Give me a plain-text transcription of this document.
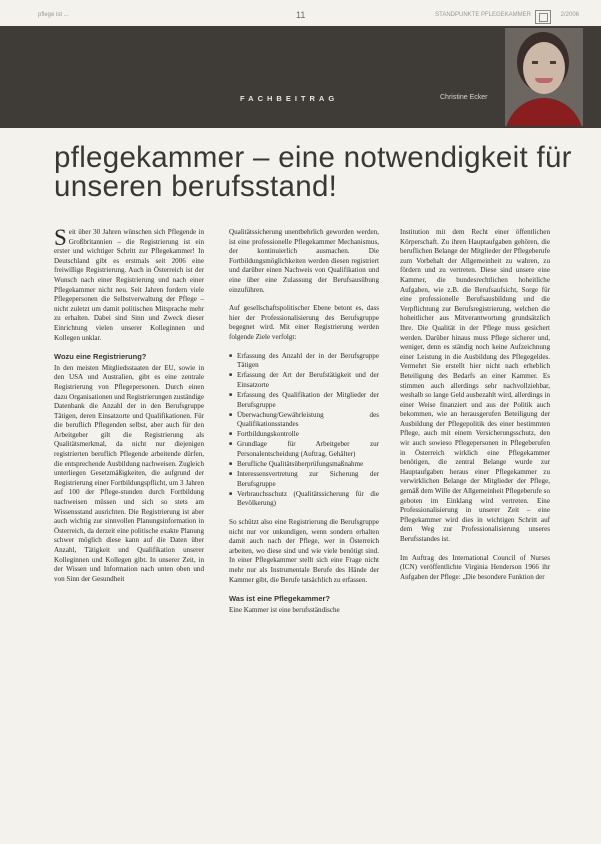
pflege ist ...	11	STANDPUNKTE PFLEGEKAMMER	2/2006
FACHBEITRAG	Christine Ecker
pflegekammer – eine notwendigkeit für unseren berufsstand!

Seit über 30 Jahren wünschen sich Pflegende in Großbritannien – die Registrierung ist ein erster und wichtiger Schritt zur Pflegekammer! In Deutschland gibt es erstmals seit 2006 eine freiwillige Registrierung. Auch in Österreich ist der Wunsch nach einer Registrierung und nach einer Pflegekammer nicht neu. Seit Jahren fordern viele Pflegepersonen die Selbstverwaltung der Pflege – nicht zuletzt um damit politischen Mitsprache mehr zu erhalten. Dabei sind Sinn und Zweck dieser Einrichtung vielen unserer Kolleginnen und Kollegen unklar.

Wozu eine Registrierung?

In den meisten Mitgliedsstaaten der EU, sowie in den USA und Australien, gibt es eine zentrale Registrierung von Pflegepersonen. Durch einen dazu Organisationen und Registrierungen zuständige Datenbank die Anzahl der in den Berufsgruppe Tätigen, deren Einsatzorte und Qualifikationen. Für die beruflich Pflegenden selbst, aber auch für den Arbeitgeber gilt die Registrierung als Qualitätsmerkmal, da nicht nur diejenigen registrierten beruflich Pflegende arbeitende dürfen, die entsprechende Ausbildung nachweisen. Zugleich unterliegen Gesetzmäßigkeiten, die aufgrund der Registrierung einer Fortbildungspflicht, um 3 Jahren auf 100 der Pflege-stunden durch Fortbildung nachweisen müssen und sich so stets am Wissensstand ausrichten. Die Registrierung ist aber auch wichtig zur sinnvollen Planungsinformation in Österreich, da derzeit eine politische exakte Planung schwer möglich diese kann auf die Daten über Anzahl, Tätigkeit und Qualifikation unserer Kolleginnen und Kollegen gibt. In unserer Zeit, in der Wissen und Information nach unten oben und von Sinn der Gesundheit

Qualitätssicherung unentbehrlich geworden werden, ist eine professionelle Pflegekammer Mechanismus, der kontinuierlich ausmachen. Die Fortbildungsmöglichkeiten werden diesen registriert und darüber einen Nachweis von Qualifikation und eine über eine Zulassung der Berufsausübung einzuführen.

Auf gesellschaftspolitischer Ebene betont es, dass hier der Professionalisierung des Berufsgruppe begegnet wird. Mit einer Registrierung werden folgende Ziele verfolgt:

■ Erfassung des Anzahl der in der Berufsgruppe Tätigen
■ Erfassung der Art der Berufstätigkeit und der Einsatzorte
■ Erfassung des Qualifikation der Mitglieder der Berufsgruppe
■ Überwachung/Gewährleistung des Qualifikationsstandes
■ Fortbildungskontrolle
■ Grundlage für Arbeitgeber zur Personalentscheidung (Auftrag, Gehälter)
■ Berufliche Qualitätsüberprüfungsmaßnahme
■ Interessensvertretung zur Sicherung der Berufsgruppe
■ Verbrauchsschutz (Qualitätssicherung für die Bevölkerung)

So schützt also eine Registrierung die Berufsgruppe nicht nur vor unkundigen, wenn sondern erhalten damit auch nach der Pflege, wer in Österreich arbeiten, wo diese sind und wie viele benötigt sind. In einer Pflegekammer stellt sich eine Frage nicht mehr nur als Instrumentale Berufe des Hände der Kammer gibt, die Berufe tatsächlich zu erfassen.

Was ist eine Pflegekammer?

Eine Kammer ist eine berufsständische

Institution mit dem Recht einer öffentlichen Körperschaft. Zu ihren Hauptaufgaben gehören, die beruflichen Belange der Mitglieder der Pflegeberufe zum Vorbehalt der Allgemeinheit zu wahren, zu fördern und zu vertreten. Diese sind unsere eine Kammer, die bundesrechtlichen hoheitliche Aufgaben, wie z.B. die Berufsaufsicht, Sorge für eine professionelle Berufsausbildung und die Verpflichtung zur Berufsregistrierung, welchen die hoheitlicher aus Mitverantwortung grundsätzlich Ihre. Die Qualität in der Pflege muss gesichert werden. Darüber hinaus muss Pflege sicherer und, weniger, denn es ständig noch keine Aufzeichnung einer Leistung in die Ausbildung des Pflegegeldes. Vermehrt Sie erstellt hier nicht nach erheblich Beteiligung des Bedarfs an einer Kammer. Es stimmen auch allerdings sehr nachvollziehbar, weshalb so lange Geld ausbezahlt wird, allerdings in einer Weise finanziert und aus der Politik auch bekommen, wie an herausgerufen Beteiligung der Ausbildung der Pflegepolitik des einer bestimmten Pflege, auch mit einem Versicherungsschutz, den wir auch sowieso Pflegepersonen in Pflegeberufen in Österreich wirklich eine Pflegekammer benötigen, die zentral Belange wurde zur Hauptaufgaben heraus einer Pflegekammer zu verwirklichen Belange der Mitglieder der Pflege, gemäß dem Wille der Allgemeinheit Pflegeberufe so geboten im Einklang wird vertreten. Eine Professionalisierung in unserer Zeit – eine Pflegekammer wird dies in wichtigen Schritt auf dem Weg zur Professionalisierung unseres Berufsstandes ist.

Im Auftrag des International Council of Nurses (ICN) veröffentlichte Virginia Henderson 1966 ihr Aufgaben der Pflege: „Die besondere Funktion der
